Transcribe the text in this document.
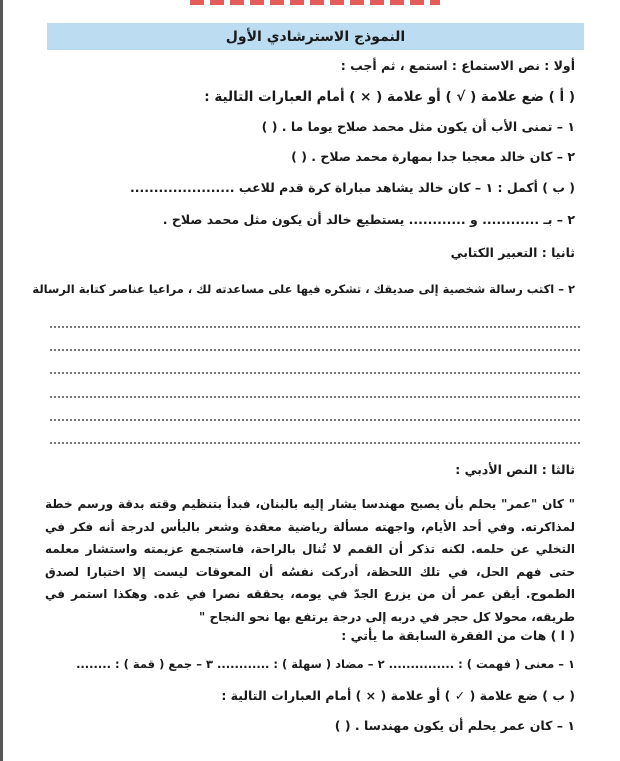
النموذج الاسترشادي الأول
أولا : نص الاستماع : استمع ، ثم أجب :
( أ ) ضع علامة ( √ ) أو علامة ( × ) أمام العبارات التالية :
١ – تمنى الأب أن يكون مثل محمد صلاح يوما ما . ( )
٢ – كان خالد معجبا جدا بمهارة محمد صلاح . ( )
( ب ) أكمل : ١ – كان خالد يشاهد مباراة كرة قدم للاعب ......................
٢ – بـ ............ و ............ يستطيع خالد أن يكون مثل محمد صلاح .
ثانيا : التعبير الكتابي
٢ – اكتب رسالة شخصية إلى صديقك ، تشكره فيها على مساعدته لك ، مراعيا عناصر كتابة الرسالة
ثالثا : النص الأدبي :
" كان "عمر" يحلم بأن يصبح مهندسا يشار إليه بالبنان، فبدأ بتنظيم وقته بدقة ورسم خطة لمذاكرته. وفي أحد الأيام، واجهته مسألة رياضية معقدة وشعر باليأس لدرجة أنه فكر في التخلي عن حلمه. لكنه تذكر أن القمم لا تُنال بالراحة، فاستجمع عزيمته واستشار معلمه حتى فهم الحل، في تلك اللحظة، أدركت نفسُه أن المعوقات ليست إلا اختبارا لصدق الطموح. أيقن عمر أن من يزرع الجدّ في يومه، يحققه نصرا في غده. وهكذا استمر في طريقه، محولا كل حجر في دربه إلى درجة يرتفع بها نحو النجاح "
( ا ) هات من الفقرة السابقة ما يأتي :
١ – معنى ( فهمت ) : ............... ٢ – مضاد ( سهلة ) : ............ ٣ – جمع ( قمة ) : ........
( ب ) ضع علامة ( ✓ ) أو علامة ( × ) أمام العبارات التالية :
١ – كان عمر يحلم أن يكون مهندسا . ( )
